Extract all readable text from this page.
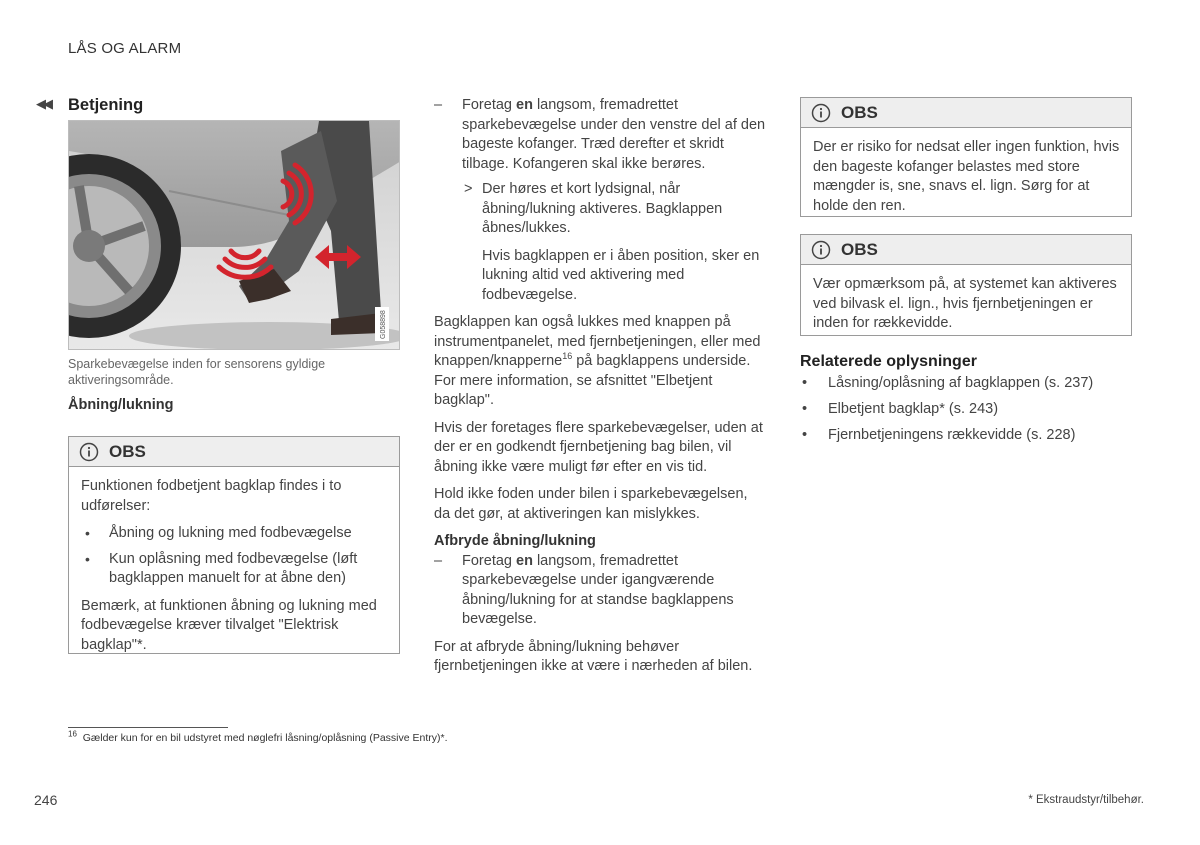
LÅS OG ALARM
◀◀ Betjening
G058898
Sparkebevægelse inden for sensorens gyldige aktiveringsområde.
Åbning/lukning
OBS

Funktionen fodbetjent bagklap findes i to udførelser:

• Åbning og lukning med fodbevægelse
• Kun oplåsning med fodbevægelse (løft bagklappen manuelt for at åbne den)

Bemærk, at funktionen åbning og lukning med fodbevægelse kræver tilvalget "Elektrisk bagklap"*.

– Foretag en langsom, fremadrettet sparkebevægelse under den venstre del af den bageste kofanger. Træd derefter et skridt tilbage. Kofangeren skal ikke berøres.
> Der høres et kort lydsignal, når åbning/lukning aktiveres. Bagklappen åbnes/lukkes.

Hvis bagklappen er i åben position, sker en lukning altid ved aktivering med fodbevægelse.

Bagklappen kan også lukkes med knappen på instrumentpanelet, med fjernbetjeningen, eller med knappen/knapperne$^{16}$ på bagklappens underside. For mere information, se afsnittet "Elbetjent bagklap".

Hvis der foretages flere sparkebevægelser, uden at der er en godkendt fjernbetjening bag bilen, vil åbning ikke være muligt før efter en vis tid.

Hold ikke foden under bilen i sparkebevægelsen, da det gør, at aktiveringen kan mislykkes.

Afbryde åbning/lukning
– Foretag en langsom, fremadrettet sparkebevægelse under igangværende åbning/lukning for at standse bagklappens bevægelse.

For at afbryde åbning/lukning behøver fjernbetjeningen ikke at være i nærheden af bilen.

OBS

Der er risiko for nedsat eller ingen funktion, hvis den bageste kofanger belastes med store mængder is, sne, snavs el. lign. Sørg for at holde den ren.

OBS

Vær opmærksom på, at systemet kan aktiveres ved bilvask el. lign., hvis fjernbetjeningen er inden for rækkevidde.

Relaterede oplysninger
• Låsning/oplåsning af bagklappen (s. 237)
• Elbetjent bagklap* (s. 243)
• Fjernbetjeningens rækkevidde (s. 228)
$^{16}$ Gælder kun for en bil udstyret med nøglefri låsning/oplåsning (Passive Entry)*.
246	* Ekstraudstyr/tilbehør.
